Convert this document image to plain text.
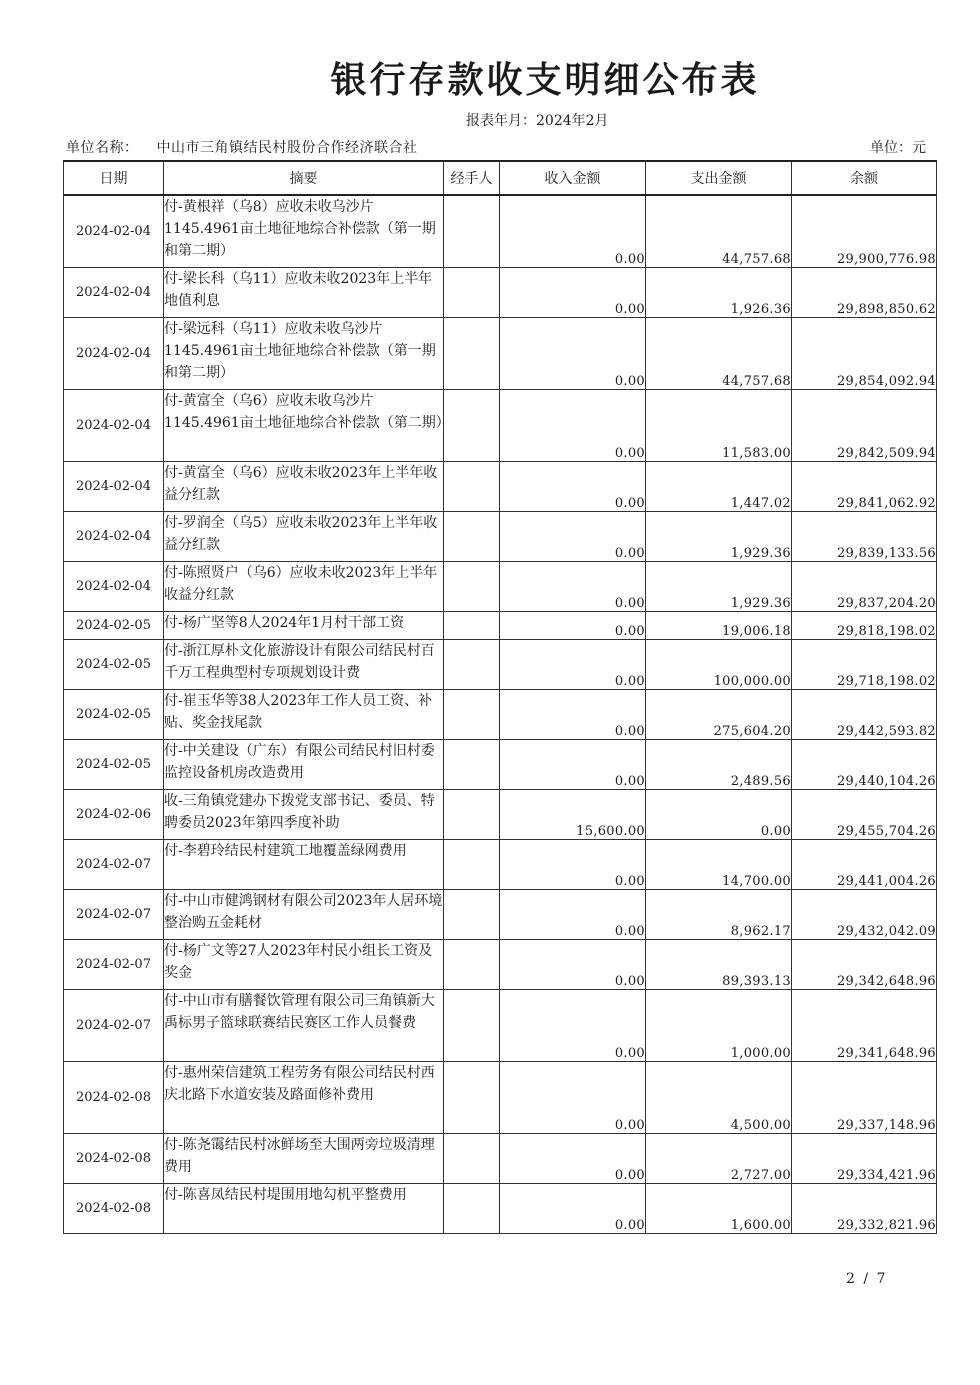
银行存款收支明细公布表
报表年月：2024年2月
单位名称： 中山市三角镇结民村股份合作经济联合社	单位：元
日期	摘要	经手人	收入金额	支出金额	余额
2024-02-04	付-黄根祥（乌8）应收未收乌沙片1145.4961亩土地征地综合补偿款（第一期和第二期）		0.00	44,757.68	29,900,776.98
2024-02-04	付-梁长科（乌11）应收未收2023年上半年地值利息		0.00	1,926.36	29,898,850.62
2024-02-04	付-梁远科（乌11）应收未收乌沙片1145.4961亩土地征地综合补偿款（第一期和第二期）		0.00	44,757.68	29,854,092.94
2024-02-04	付-黄富全（乌6）应收未收乌沙片1145.4961亩土地征地综合补偿款（第二期）		0.00	11,583.00	29,842,509.94
2024-02-04	付-黄富全（乌6）应收未收2023年上半年收益分红款		0.00	1,447.02	29,841,062.92
2024-02-04	付-罗润全（乌5）应收未收2023年上半年收益分红款		0.00	1,929.36	29,839,133.56
2024-02-04	付-陈照贤户（乌6）应收未收2023年上半年收益分红款		0.00	1,929.36	29,837,204.20
2024-02-05	付-杨广坚等8人2024年1月村干部工资		0.00	19,006.18	29,818,198.02
2024-02-05	付-浙江厚朴文化旅游设计有限公司结民村百千万工程典型村专项规划设计费		0.00	100,000.00	29,718,198.02
2024-02-05	付-崔玉华等38人2023年工作人员工资、补贴、奖金找尾款		0.00	275,604.20	29,442,593.82
2024-02-05	付-中关建设（广东）有限公司结民村旧村委监控设备机房改造费用		0.00	2,489.56	29,440,104.26
2024-02-06	收-三角镇党建办下拨党支部书记、委员、特聘委员2023年第四季度补助		15,600.00	0.00	29,455,704.26
2024-02-07	付-李碧玲结民村建筑工地覆盖绿网费用		0.00	14,700.00	29,441,004.26
2024-02-07	付-中山市健鸿钢材有限公司2023年人居环境整治购五金耗材		0.00	8,962.17	29,432,042.09
2024-02-07	付-杨广文等27人2023年村民小组长工资及奖金		0.00	89,393.13	29,342,648.96
2024-02-07	付-中山市有膳餐饮管理有限公司三角镇新大禹标男子篮球联赛结民赛区工作人员餐费		0.00	1,000.00	29,341,648.96
2024-02-08	付-惠州荣信建筑工程劳务有限公司结民村西庆北路下水道安装及路面修补费用		0.00	4,500.00	29,337,148.96
2024-02-08	付-陈尧霭结民村冰鲜场至大围两旁垃圾清理费用		0.00	2,727.00	29,334,421.96
2024-02-08	付-陈喜凤结民村堤围用地勾机平整费用		0.00	1,600.00	29,332,821.96
2 / 7
